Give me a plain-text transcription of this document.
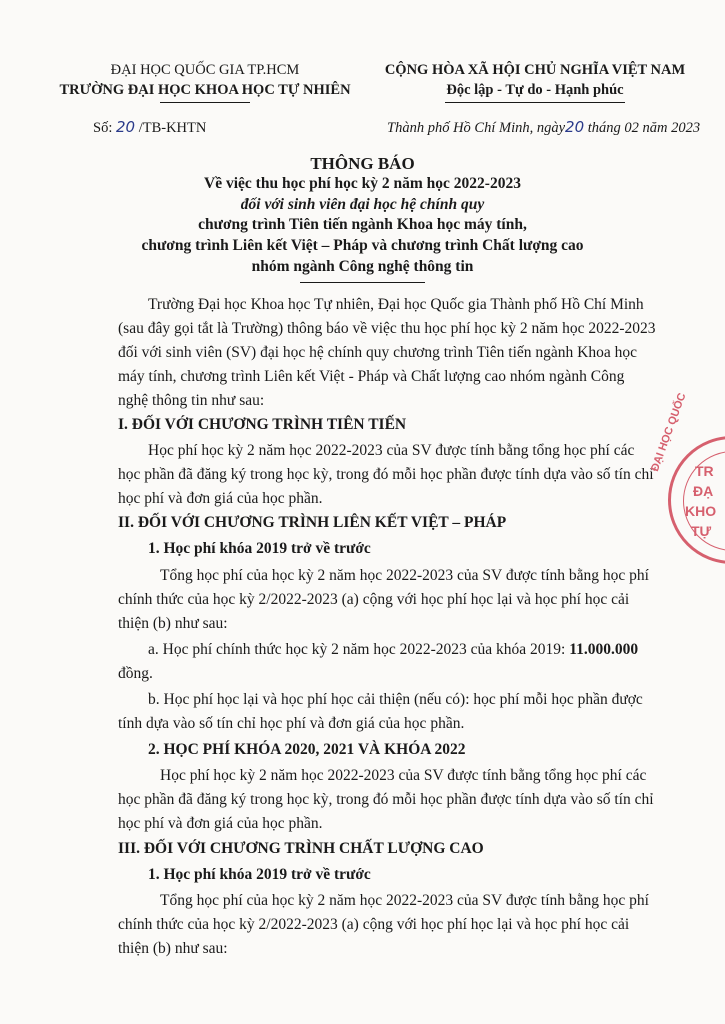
ĐẠI HỌC QUỐC GIA TP.HCM
TRƯỜNG ĐẠI HỌC KHOA HỌC TỰ NHIÊN
CỘNG HÒA XÃ HỘI CHỦ NGHĨA VIỆT NAM
Độc lập - Tự do - Hạnh phúc
Số: 20 /TB-KHTN	Thành phố Hồ Chí Minh, ngày20 tháng 02 năm 2023
THÔNG BÁO
Về việc thu học phí học kỳ 2 năm học 2022-2023
đối với sinh viên đại học hệ chính quy
chương trình Tiên tiến ngành Khoa học máy tính,
chương trình Liên kết Việt – Pháp và chương trình Chất lượng cao
nhóm ngành Công nghệ thông tin
Trường Đại học Khoa học Tự nhiên, Đại học Quốc gia Thành phố Hồ Chí Minh
(sau đây gọi tắt là Trường) thông báo về việc thu học phí học kỳ 2 năm học 2022-2023
đối với sinh viên (SV) đại học hệ chính quy chương trình Tiên tiến ngành Khoa học
máy tính, chương trình Liên kết Việt - Pháp và Chất lượng cao nhóm ngành Công
nghệ thông tin như sau:
I. ĐỐI VỚI CHƯƠNG TRÌNH TIÊN TIẾN
Học phí học kỳ 2 năm học 2022-2023 của SV được tính bằng tổng học phí các
học phần đã đăng ký trong học kỳ, trong đó mỗi học phần được tính dựa vào số tín chỉ
học phí và đơn giá của học phần.
II. ĐỐI VỚI CHƯƠNG TRÌNH LIÊN KẾT VIỆT – PHÁP
1. Học phí khóa 2019 trở về trước
Tổng học phí của học kỳ 2 năm học 2022-2023 của SV được tính bằng học phí
chính thức của học kỳ 2/2022-2023 (a) cộng với học phí học lại và học phí học cải
thiện (b) như sau:
a. Học phí chính thức học kỳ 2 năm học 2022-2023 của khóa 2019: 11.000.000
đồng.
b. Học phí học lại và học phí học cải thiện (nếu có): học phí mỗi học phần được
tính dựa vào số tín chỉ học phí và đơn giá của học phần.
2. HỌC PHÍ KHÓA 2020, 2021 VÀ KHÓA 2022
Học phí học kỳ 2 năm học 2022-2023 của SV được tính bằng tổng học phí các
học phần đã đăng ký trong học kỳ, trong đó mỗi học phần được tính dựa vào số tín chỉ
học phí và đơn giá của học phần.
III. ĐỐI VỚI CHƯƠNG TRÌNH CHẤT LƯỢNG CAO
1. Học phí khóa 2019 trở về trước
Tổng học phí của học kỳ 2 năm học 2022-2023 của SV được tính bằng học phí
chính thức của học kỳ 2/2022-2023 (a) cộng với học phí học lại và học phí học cải
thiện (b) như sau:
TR
ĐẠ
KHO
TỰ
ĐẠI HỌC QUỐC
